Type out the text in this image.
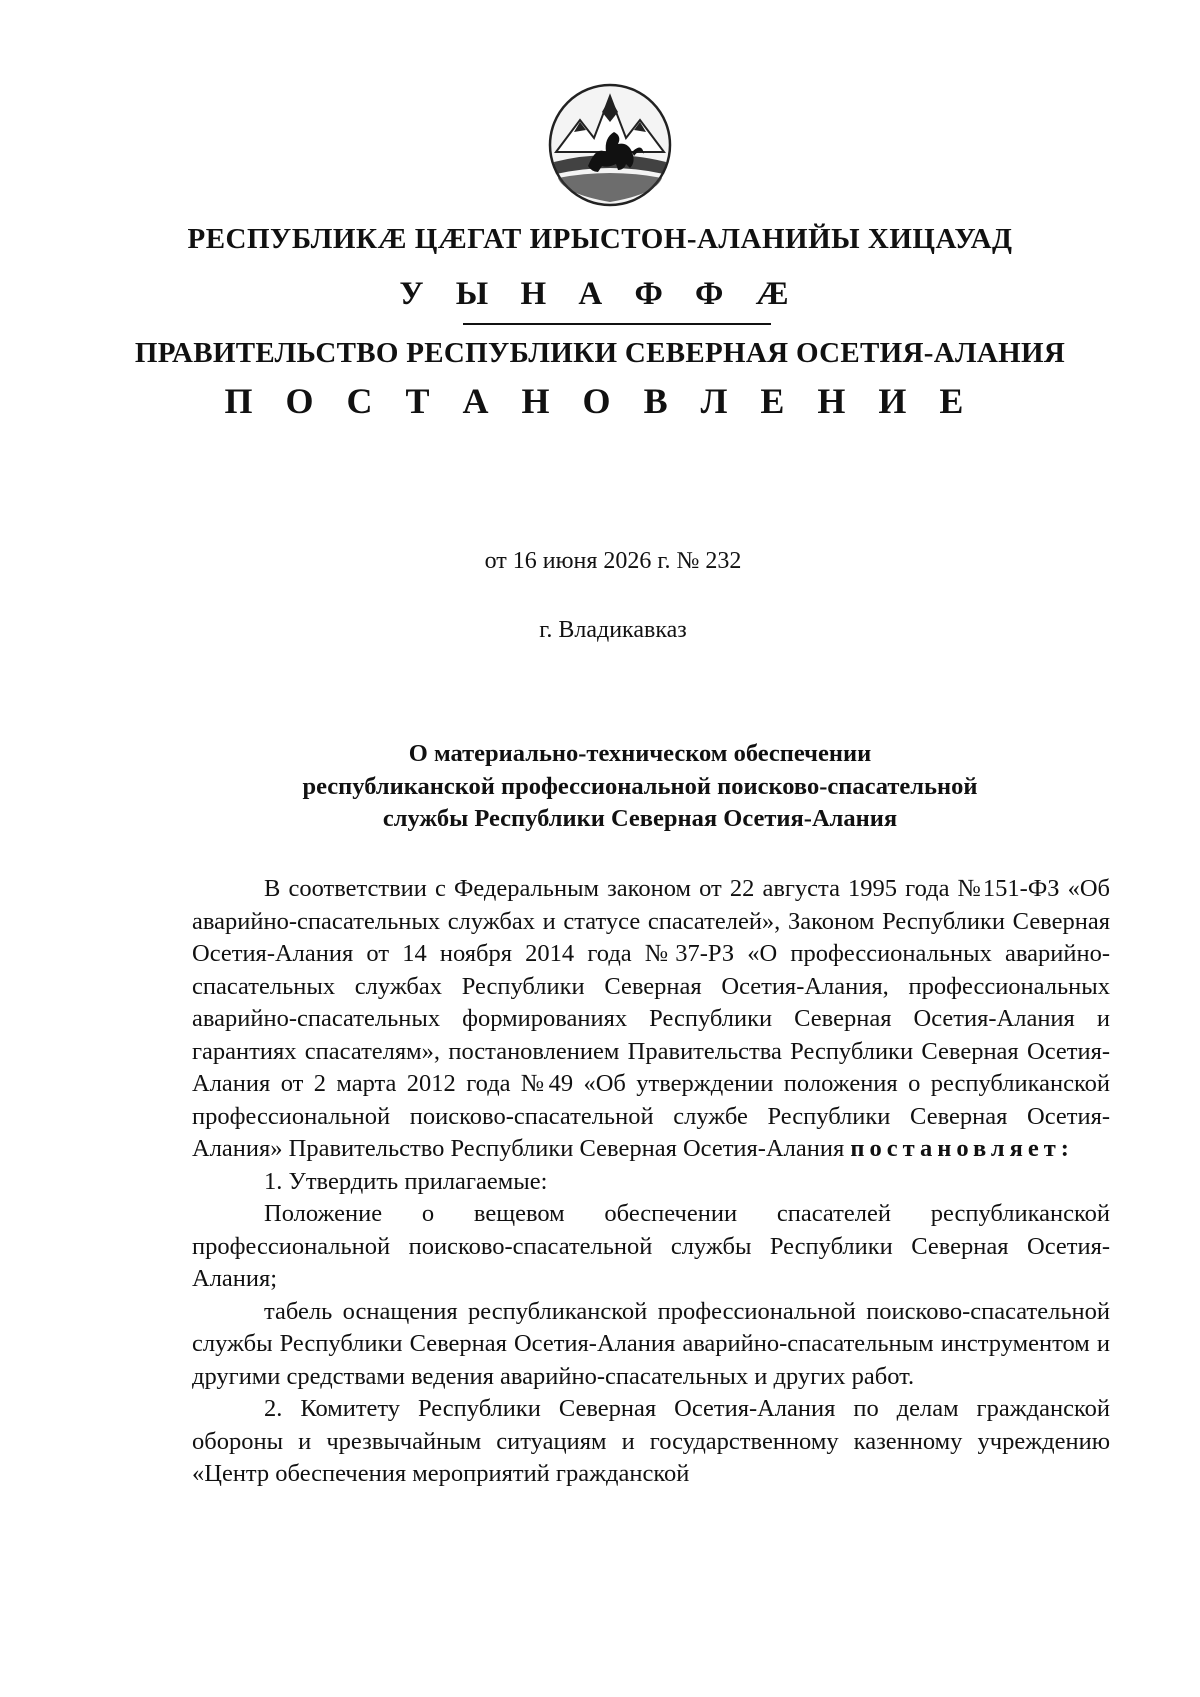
РЕСПУБЛИКÆ ЦÆГАТ ИРЫСТОН-АЛАНИЙЫ ХИЦАУАД
У Ы Н А Ф Ф Æ
ПРАВИТЕЛЬСТВО РЕСПУБЛИКИ СЕВЕРНАЯ ОСЕТИЯ-АЛАНИЯ
П О С Т А Н О В Л Е Н И Е
от 16 июня 2026 г. № 232
г. Владикавказ
О материально-техническом обеспечении
республиканской профессиональной поисково-спасательной
службы Республики Северная Осетия-Алания

В соответствии с Федеральным законом от 22 августа 1995 года №151-ФЗ «Об аварийно-спасательных службах и статусе спасателей», Законом Республики Северная Осетия-Алания от 14 ноября 2014 года №37-РЗ «О профессиональных аварийно-спасательных службах Республики Северная Осетия-Алания, профессиональных аварийно-спасательных формированиях Республики Северная Осетия-Алания и гарантиях спасателям», постановлением Правительства Республики Северная Осетия-Алания от 2 марта 2012 года №49 «Об утверждении положения о республиканской профессиональной поисково-спасательной службе Республики Северная Осетия-Алания» Правительство Республики Северная Осетия-Алания постановляет:

1. Утвердить прилагаемые:

Положение о вещевом обеспечении спасателей республиканской профессиональной поисково-спасательной службы Республики Северная Осетия-Алания;

табель оснащения республиканской профессиональной поисково-спасательной службы Республики Северная Осетия-Алания аварийно-спасательным инструментом и другими средствами ведения аварийно-спасательных и других работ.

2. Комитету Республики Северная Осетия-Алания по делам гражданской обороны и чрезвычайным ситуациям и государственному казенному учреждению «Центр обеспечения мероприятий гражданской
